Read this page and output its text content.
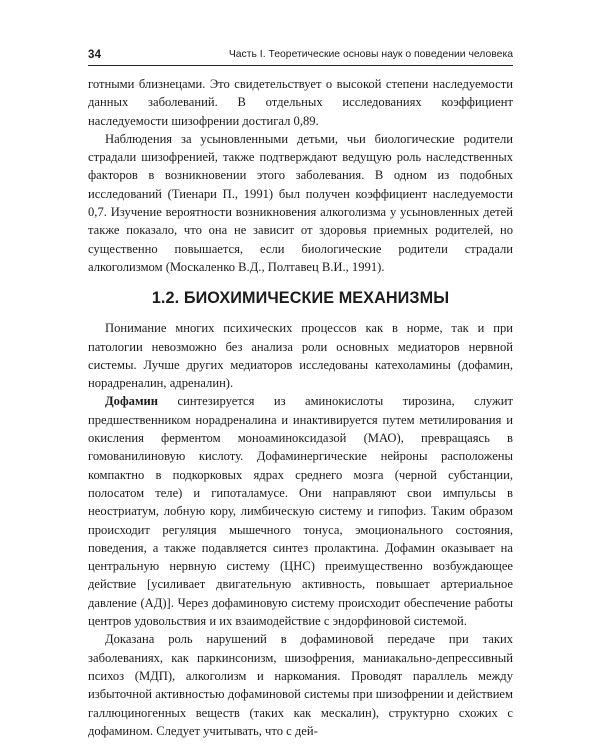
34	Часть I. Теоретические основы наук о поведении человека

готными близнецами. Это свидетельствует о высокой степени наследуемости данных заболеваний. В отдельных исследованиях коэффициент наследуемости шизофрении достигал 0,89.

Наблюдения за усыновленными детьми, чьи биологические родители страдали шизофренией, также подтверждают ведущую роль наследственных факторов в возникновении этого заболевания. В одном из подобных исследований (Тиенари П., 1991) был получен коэффициент наследуемости 0,7. Изучение вероятности возникновения алкоголизма у усыновленных детей также показало, что она не зависит от здоровья приемных родителей, но существенно повышается, если биологические родители страдали алкоголизмом (Москаленко В.Д., Полтавец В.И., 1991).

1.2. БИОХИМИЧЕСКИЕ МЕХАНИЗМЫ

Понимание многих психических процессов как в норме, так и при патологии невозможно без анализа роли основных медиаторов нервной системы. Лучше других медиаторов исследованы катехоламины (дофамин, норадреналин, адреналин).

Дофамин синтезируется из аминокислоты тирозина, служит предшественником норадреналина и инактивируется путем метилирования и окисления ферментом моноаминоксидазой (МАО), превращаясь в гомованилиновую кислоту. Дофаминергические нейроны расположены компактно в подкорковых ядрах среднего мозга (черной субстанции, полосатом теле) и гипоталамусе. Они направляют свои импульсы в неостриатум, лобную кору, лимбическую систему и гипофиз. Таким образом происходит регуляция мышечного тонуса, эмоционального состояния, поведения, а также подавляется синтез пролактина. Дофамин оказывает на центральную нервную систему (ЦНС) преимущественно возбуждающее действие [усиливает двигательную активность, повышает артериальное давление (АД)]. Через дофаминовую систему происходит обеспечение работы центров удовольствия и их взаимодействие с эндорфиновой системой.

Доказана роль нарушений в дофаминовой передаче при таких заболеваниях, как паркинсонизм, шизофрения, маниакально-депрессивный психоз (МДП), алкоголизм и наркомания. Проводят параллель между избыточной активностью дофаминовой системы при шизофрении и действием галлюциногенных веществ (таких как мескалин), структурно схожих с дофамином. Следует учитывать, что с дей-
